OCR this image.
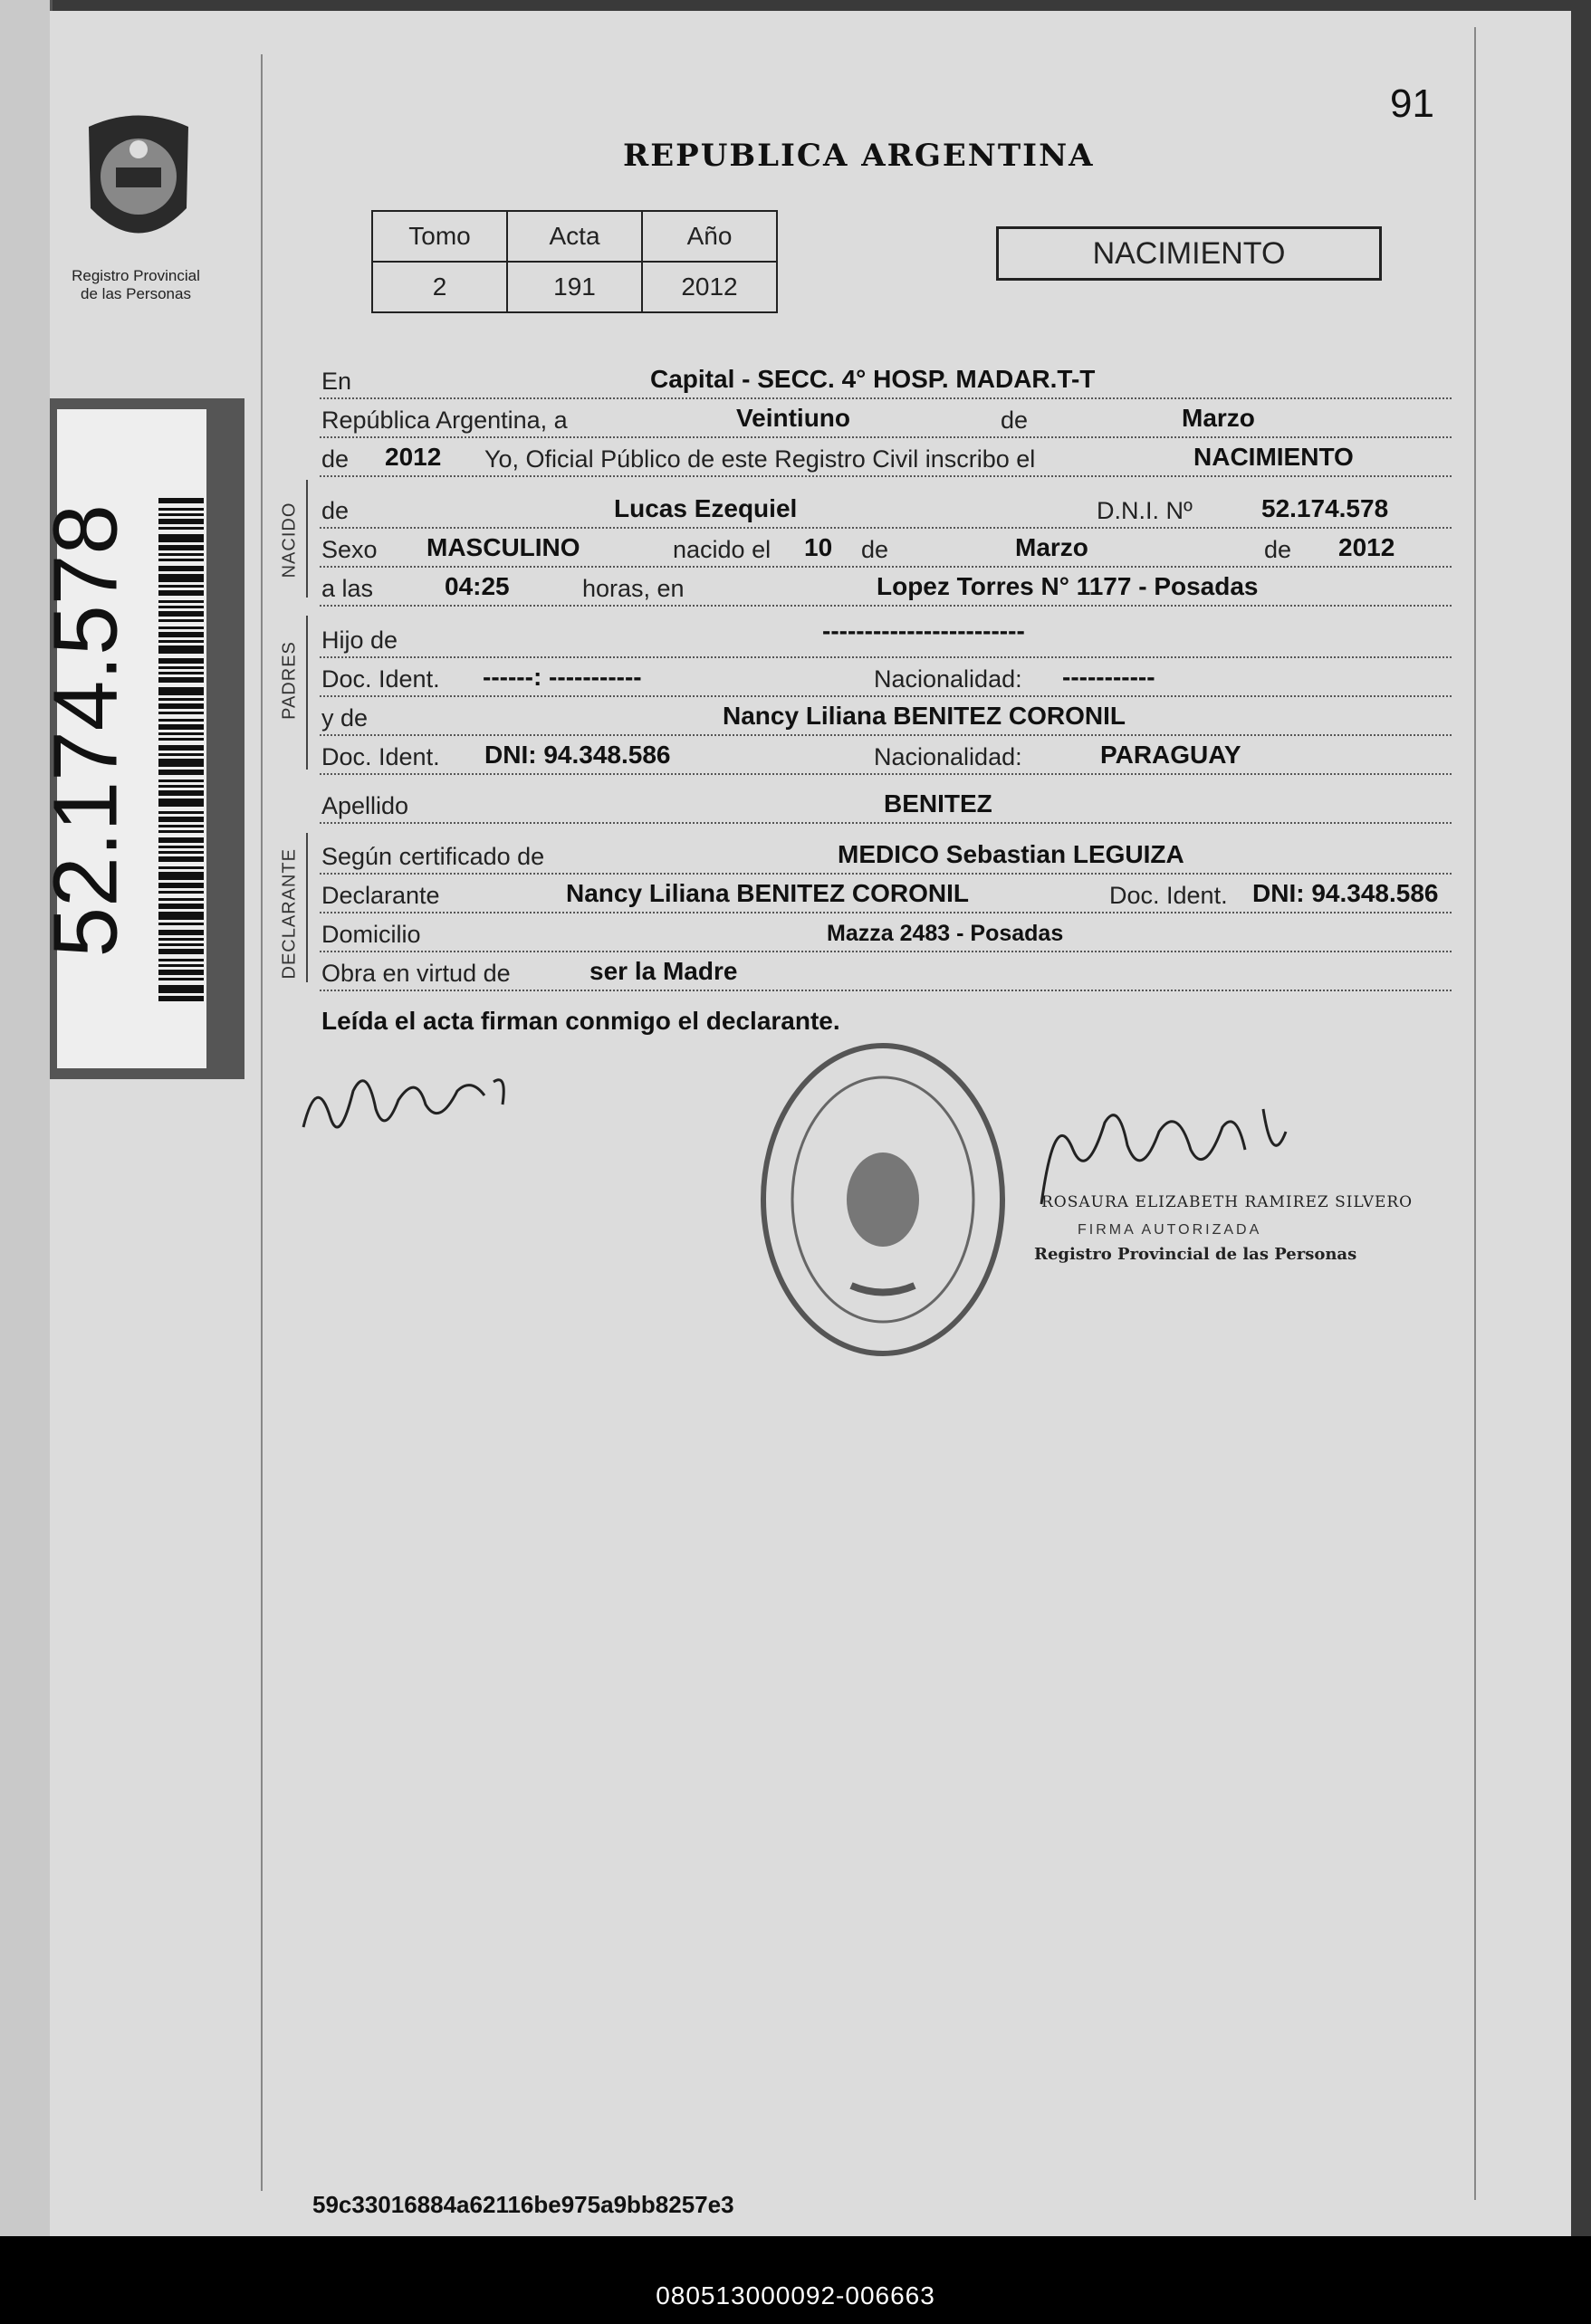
080513000092-006663
Registro Provincial
de las Personas
52.174.578
91
REPUBLICA ARGENTINA
Tomo	Acta	Año
2	191	2012
NACIMIENTO
NACIDO
PADRES
DECLARANTE
En	Capital - SECC. 4° HOSP. MADAR.T-T
República Argentina, a	Veintiuno	de	Marzo
de 2012 Yo, Oficial Público de este Registro Civil inscribo el	NACIMIENTO
de	Lucas Ezequiel	D.N.I. Nº	52.174.578
Sexo MASCULINO	nacido el 10 de	Marzo	de 2012
a las	04:25	horas, en	Lopez Torres N° 1177 - Posadas
Hijo de	------------------------
Doc. Ident. ------: -----------	Nacionalidad: -----------
y de	Nancy Liliana BENITEZ CORONIL
Doc. Ident. DNI: 94.348.586	Nacionalidad:	PARAGUAY
Apellido	BENITEZ
Según certificado de	MEDICO Sebastian LEGUIZA
Declarante	Nancy Liliana BENITEZ CORONIL	Doc. Ident. DNI: 94.348.586
Domicilio	Mazza 2483 - Posadas
Obra en virtud de	ser la Madre
Leída el acta firman conmigo el declarante.
ROSAURA ELIZABETH RAMIREZ SILVERO
FIRMA AUTORIZADA
Registro Provincial de las Personas
59c33016884a62116be975a9bb8257e3
